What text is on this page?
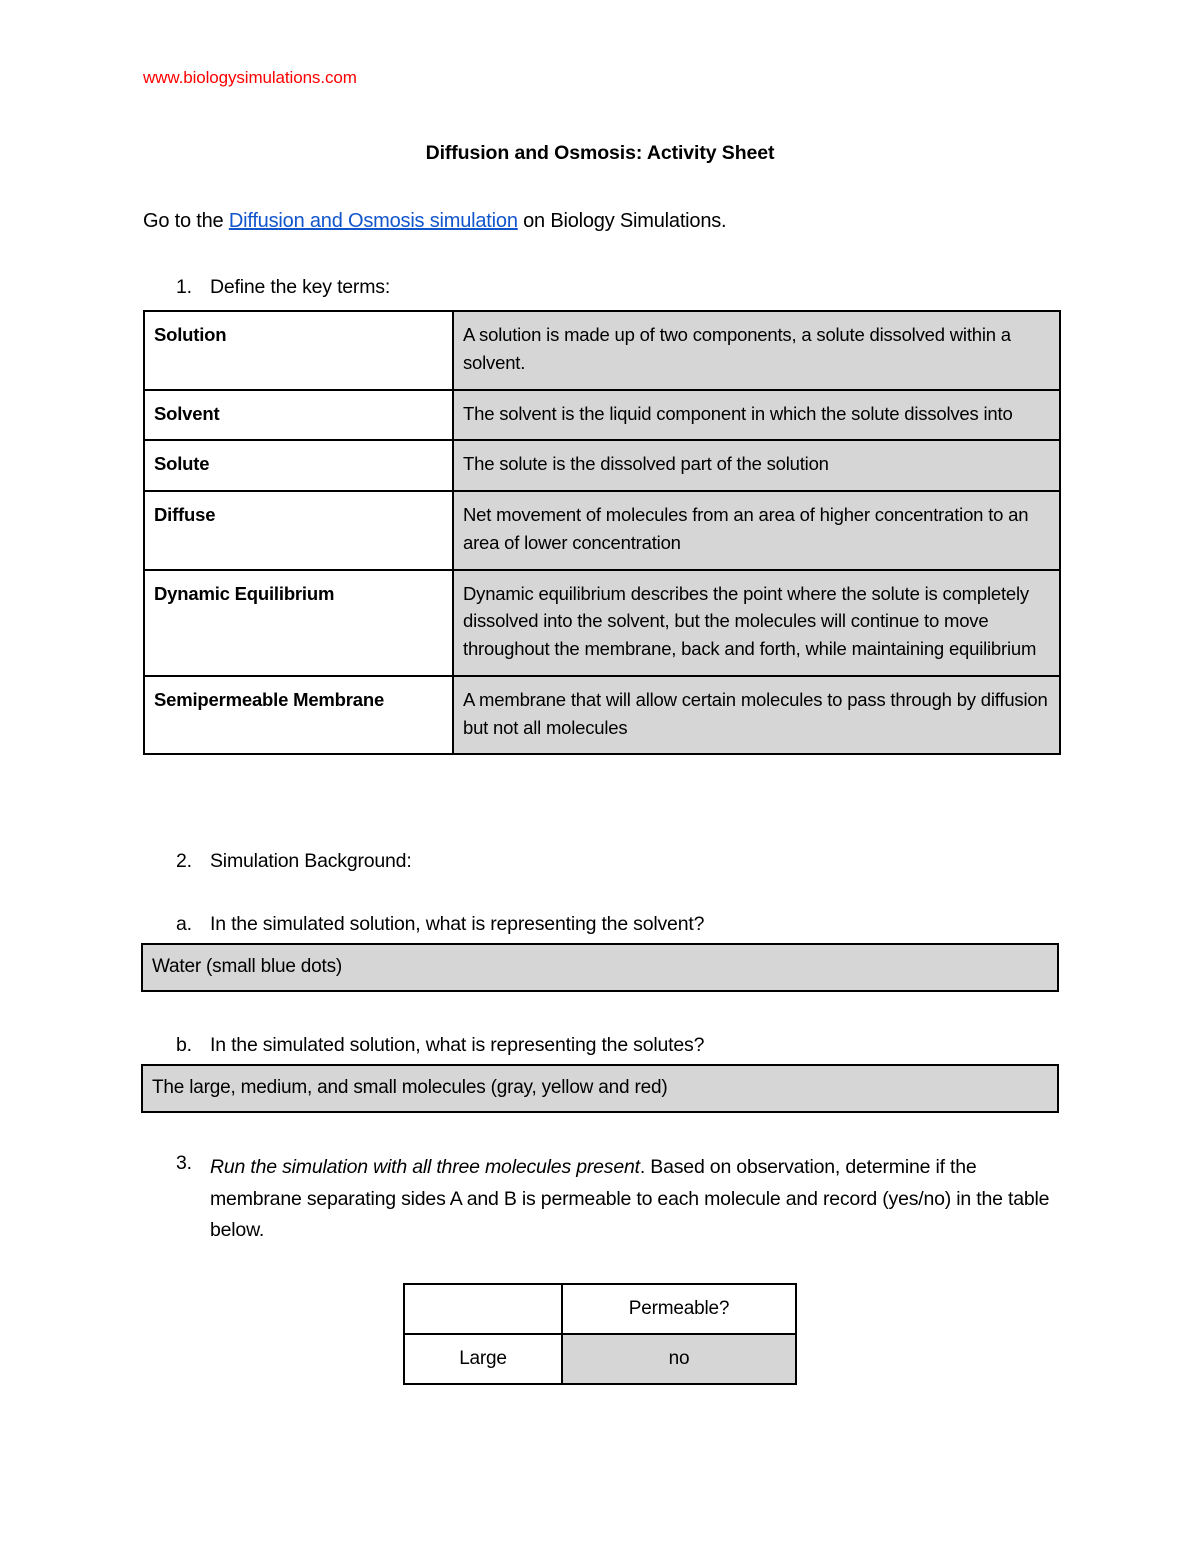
www.biologysimulations.com
Diffusion and Osmosis: Activity Sheet
Go to the Diffusion and Osmosis simulation on Biology Simulations.
1. Define the key terms:
Solution	A solution is made up of two components, a solute dissolved within a solvent.
Solvent	The solvent is the liquid component in which the solute dissolves into
Solute	The solute is the dissolved part of the solution
Diffuse	Net movement of molecules from an area of higher concentration to an area of lower concentration
Dynamic Equilibrium	Dynamic equilibrium describes the point where the solute is completely dissolved into the solvent, but the molecules will continue to move throughout the membrane, back and forth, while maintaining equilibrium
Semipermeable Membrane	A membrane that will allow certain molecules to pass through by diffusion but not all molecules
2. Simulation Background:
a. In the simulated solution, what is representing the solvent?
Water (small blue dots)
b. In the simulated solution, what is representing the solutes?
The large, medium, and small molecules (gray, yellow and red)
3. Run the simulation with all three molecules present. Based on observation, determine if the membrane separating sides A and B is permeable to each molecule and record (yes/no) in the table below.
	Permeable?
Large	no
